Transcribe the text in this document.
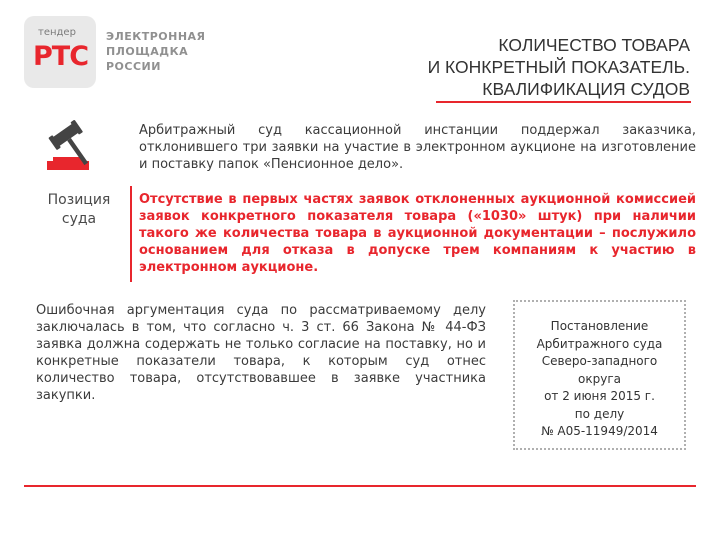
тендер
РТС
ЭЛЕКТРОННАЯ
ПЛОЩАДКА
РОССИИ
КОЛИЧЕСТВО ТОВАРА
И КОНКРЕТНЫЙ ПОКАЗАТЕЛЬ.
КВАЛИФИКАЦИЯ СУДОВ
Арбитражный суд кассационной инстанции поддержал заказчика, отклонившего три заявки на участие в электронном аукционе на изготовление и поставку папок «Пенсионное дело».
Позиция
суда
Отсутствие в первых частях заявок отклоненных аукционной комиссией заявок конкретного показателя товара («1030» штук) при наличии такого же количества товара в аукционной документации – послужило основанием для отказа в допуске трем компаниям к участию в электронном аукционе.
Ошибочная аргументация суда по рассматриваемому делу заключалась в том, что согласно ч. 3 ст. 66 Закона № 44-ФЗ заявка должна содержать не только согласие на поставку, но и конкретные показатели товара, к которым суд отнес количество товара, отсутствовавшее в заявке участника закупки.
Постановление
Арбитражного суда
Северо-западного
округа
от 2 июня 2015 г.
по делу
№ А05-11949/2014
